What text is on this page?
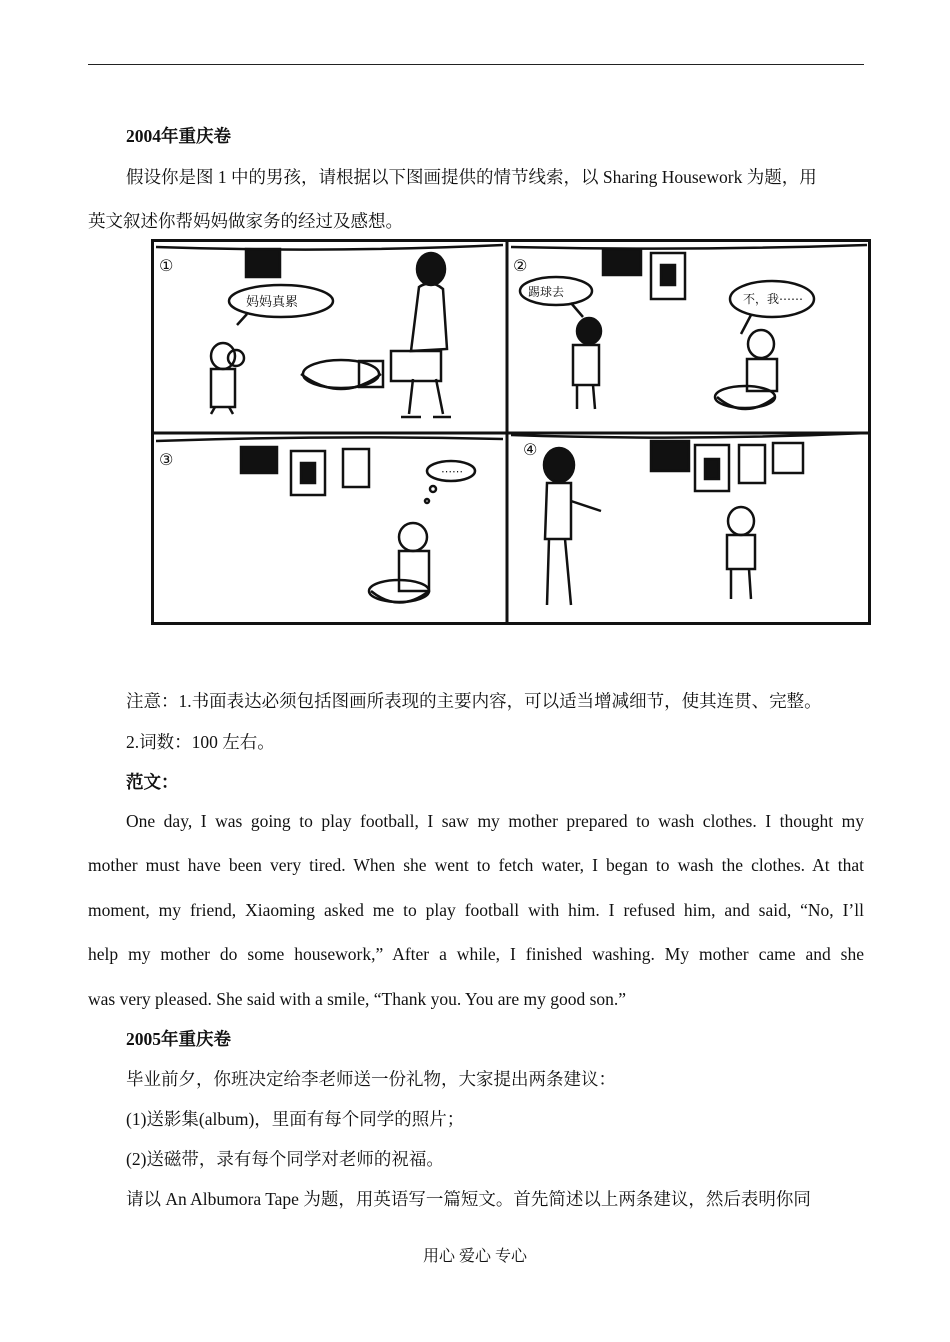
2004年重庆卷
假设你是图 1 中的男孩，请根据以下图画提供的情节线索，以 Sharing Housework 为题，用
英文叙述你帮妈妈做家务的经过及感想。
①
妈妈真累
②
踢球去	不，我⋯⋯
③
⋯⋯
④
注意：1.书面表达必须包括图画所表现的主要内容，可以适当增减细节，使其连贯、完整。
2.词数：100 左右。
范文：
One day, I was going to play football, I saw my mother prepared to wash clothes. I thought my
mother must have been very tired. When she went to fetch water, I began to wash the clothes. At that
moment, my friend, Xiaoming asked me to play football with him. I refused him, and said, “No, I’ll
help my mother do some housework,” After a while, I finished washing. My mother came and she
was very pleased. She said with a smile, “Thank you. You are my good son.”
2005年重庆卷
毕业前夕，你班决定给李老师送一份礼物，大家提出两条建议：
(1)送影集(album)，里面有每个同学的照片；
(2)送磁带，录有每个同学对老师的祝福。
请以 An Albumora Tape 为题，用英语写一篇短文。首先简述以上两条建议，然后表明你同
用心 爱心 专心
